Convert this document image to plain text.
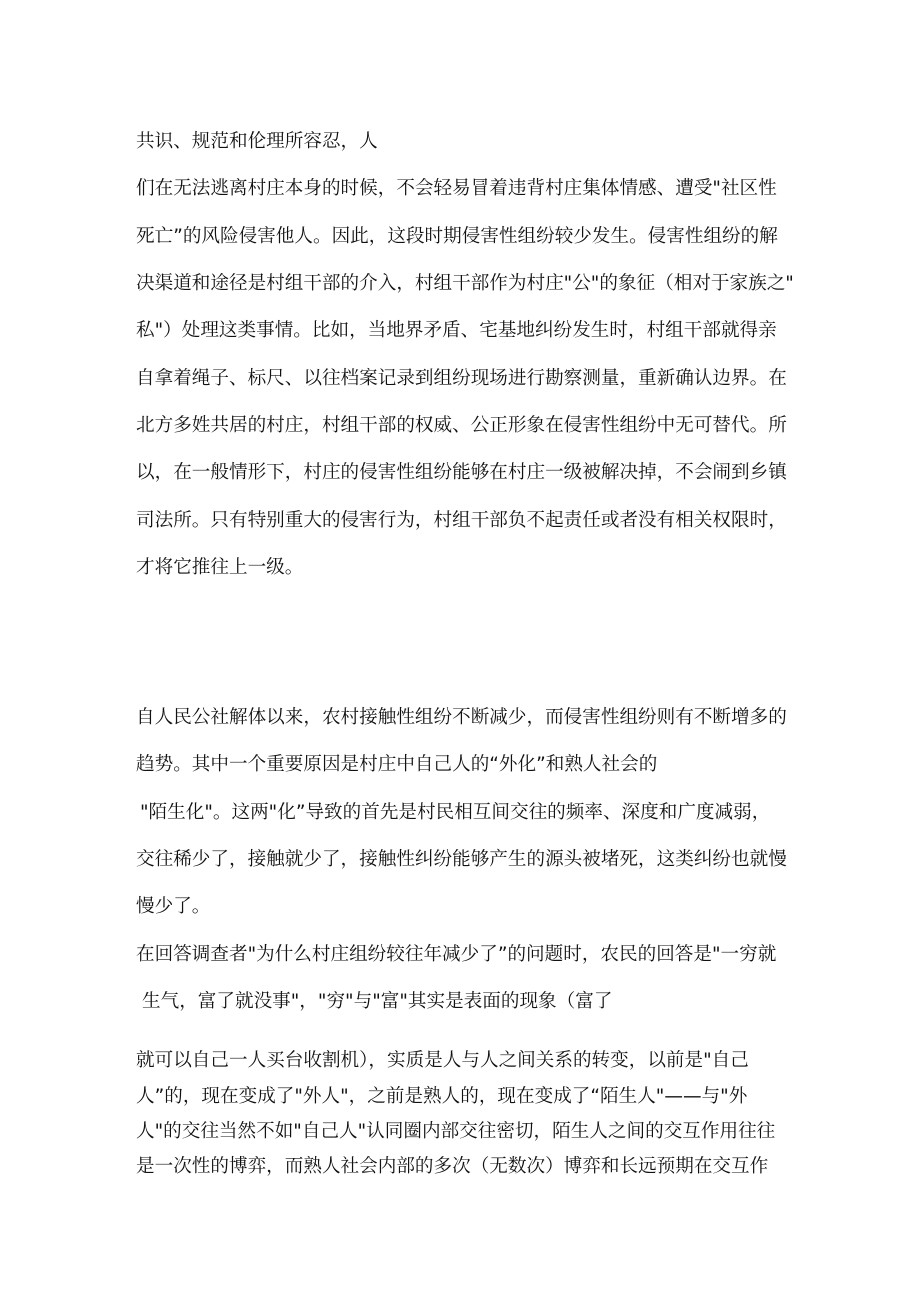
共识、规范和伦理所容忍，人
们在无法逃离村庄本身的时候，不会轻易冒着违背村庄集体情感、遭受"社区性
死亡”的风险侵害他人。因此，这段时期侵害性组纷较少发生。侵害性组纷的解
决渠道和途径是村组干部的介入，村组干部作为村庄"公"的象征（相对于家族之"
私"）处理这类事情。比如，当地界矛盾、宅基地纠纷发生时，村组干部就得亲
自拿着绳子、标尺、以往档案记录到组纷现场进行勘察测量，重新确认边界。在
北方多姓共居的村庄，村组干部的权威、公正形象在侵害性组纷中无可替代。所
以，在一般情形下，村庄的侵害性组纷能够在村庄一级被解决掉，不会闹到乡镇
司法所。只有特别重大的侵害行为，村组干部负不起责任或者没有相关权限时，
才将它推往上一级。
自人民公社解体以来，农村接触性组纷不断减少，而侵害性组纷则有不断增多的
趋势。其中一个重要原因是村庄中自己人的“外化”和熟人社会的
"陌生化"。这两"化”导致的首先是村民相互间交往的频率、深度和广度减弱，
交往稀少了，接触就少了，接触性纠纷能够产生的源头被堵死，这类纠纷也就慢
慢少了。
在回答调查者"为什么村庄组纷较往年减少了”的问题时，农民的回答是"一穷就
生气，富了就没事"，"穷"与"富"其实是表面的现象（富了
就可以自己一人买台收割机），实质是人与人之间关系的转变，以前是"自己
人”的，现在变成了"外人"，之前是熟人的，现在变成了“陌生人"——与"外
人"的交往当然不如"自己人"认同圈内部交往密切，陌生人之间的交互作用往往
是一次性的博弈，而熟人社会内部的多次（无数次）博弈和长远预期在交互作
